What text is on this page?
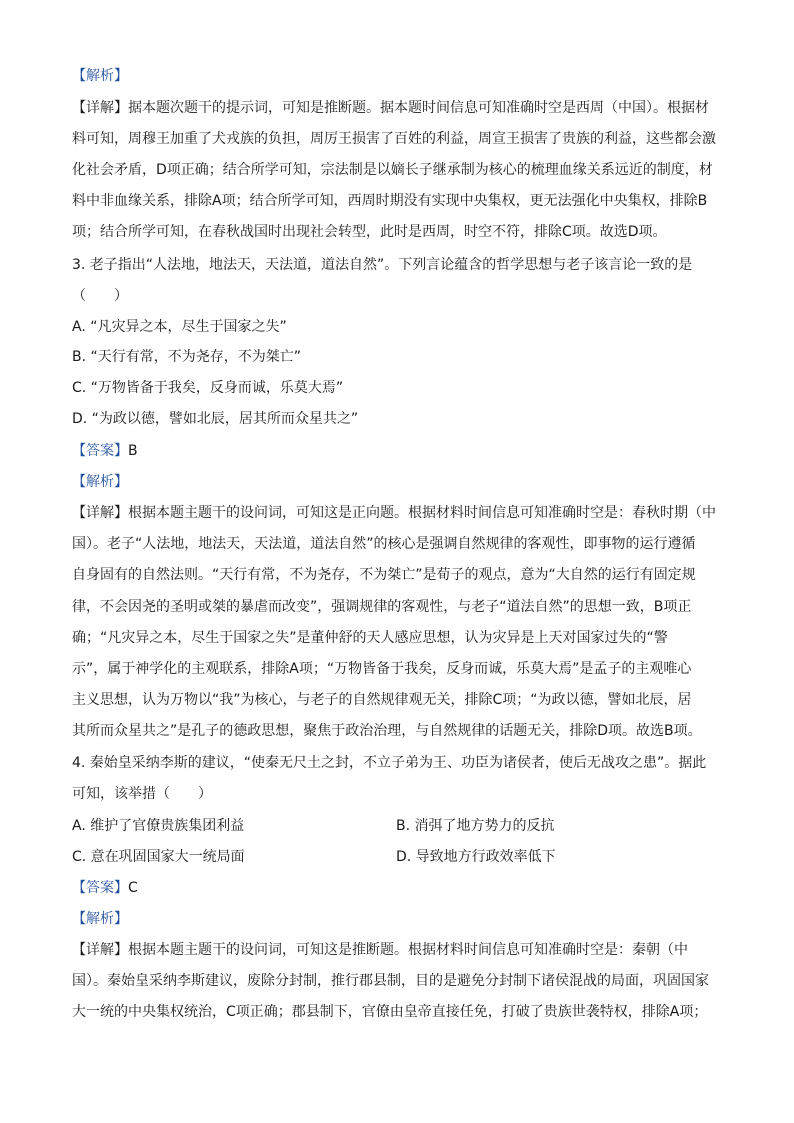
【解析】
【详解】据本题次题干的提示词，可知是推断题。据本题时间信息可知准确时空是西周（中国）。根据材
料可知，周穆王加重了犬戎族的负担，周厉王损害了百姓的利益，周宣王损害了贵族的利益，这些都会激
化社会矛盾，D项正确；结合所学可知，宗法制是以嫡长子继承制为核心的梳理血缘关系远近的制度，材
料中非血缘关系，排除A项；结合所学可知，西周时期没有实现中央集权，更无法强化中央集权，排除B
项；结合所学可知，在春秋战国时出现社会转型，此时是西周，时空不符，排除C项。故选D项。
3. 老子指出“人法地，地法天，天法道，道法自然”。下列言论蕴含的哲学思想与老子该言论一致的是
（　　）
A. “凡灾异之本，尽生于国家之失”
B. “天行有常，不为尧存，不为桀亡”
C. “万物皆备于我矣，反身而诚，乐莫大焉”
D. “为政以德，譬如北辰，居其所而众星共之”
【答案】B
【解析】
【详解】根据本题主题干的设问词，可知这是正向题。根据材料时间信息可知准确时空是：春秋时期（中
国）。老子“人法地，地法天，天法道，道法自然”的核心是强调自然规律的客观性，即事物的运行遵循
自身固有的自然法则。“天行有常，不为尧存，不为桀亡”是荀子的观点，意为“大自然的运行有固定规
律，不会因尧的圣明或桀的暴虐而改变”，强调规律的客观性，与老子“道法自然”的思想一致，B项正
确；“凡灾异之本，尽生于国家之失”是董仲舒的天人感应思想，认为灾异是上天对国家过失的“警
示”，属于神学化的主观联系，排除A项；“万物皆备于我矣，反身而诚，乐莫大焉”是孟子的主观唯心
主义思想，认为万物以“我”为核心，与老子的自然规律观无关，排除C项；“为政以德，譬如北辰，居
其所而众星共之”是孔子的德政思想，聚焦于政治治理，与自然规律的话题无关，排除D项。故选B项。
4. 秦始皇采纳李斯的建议，“使秦无尺土之封，不立子弟为王、功臣为诸侯者，使后无战攻之患”。据此
可知，该举措（　　）
A. 维护了官僚贵族集团利益	B. 消弭了地方势力的反抗
C. 意在巩固国家大一统局面	D. 导致地方行政效率低下
【答案】C
【解析】
【详解】根据本题主题干的设问词，可知这是推断题。根据材料时间信息可知准确时空是：秦朝（中
国）。秦始皇采纳李斯建议，废除分封制，推行郡县制，目的是避免分封制下诸侯混战的局面，巩固国家
大一统的中央集权统治，C项正确；郡县制下，官僚由皇帝直接任免，打破了贵族世袭特权，排除A项；
